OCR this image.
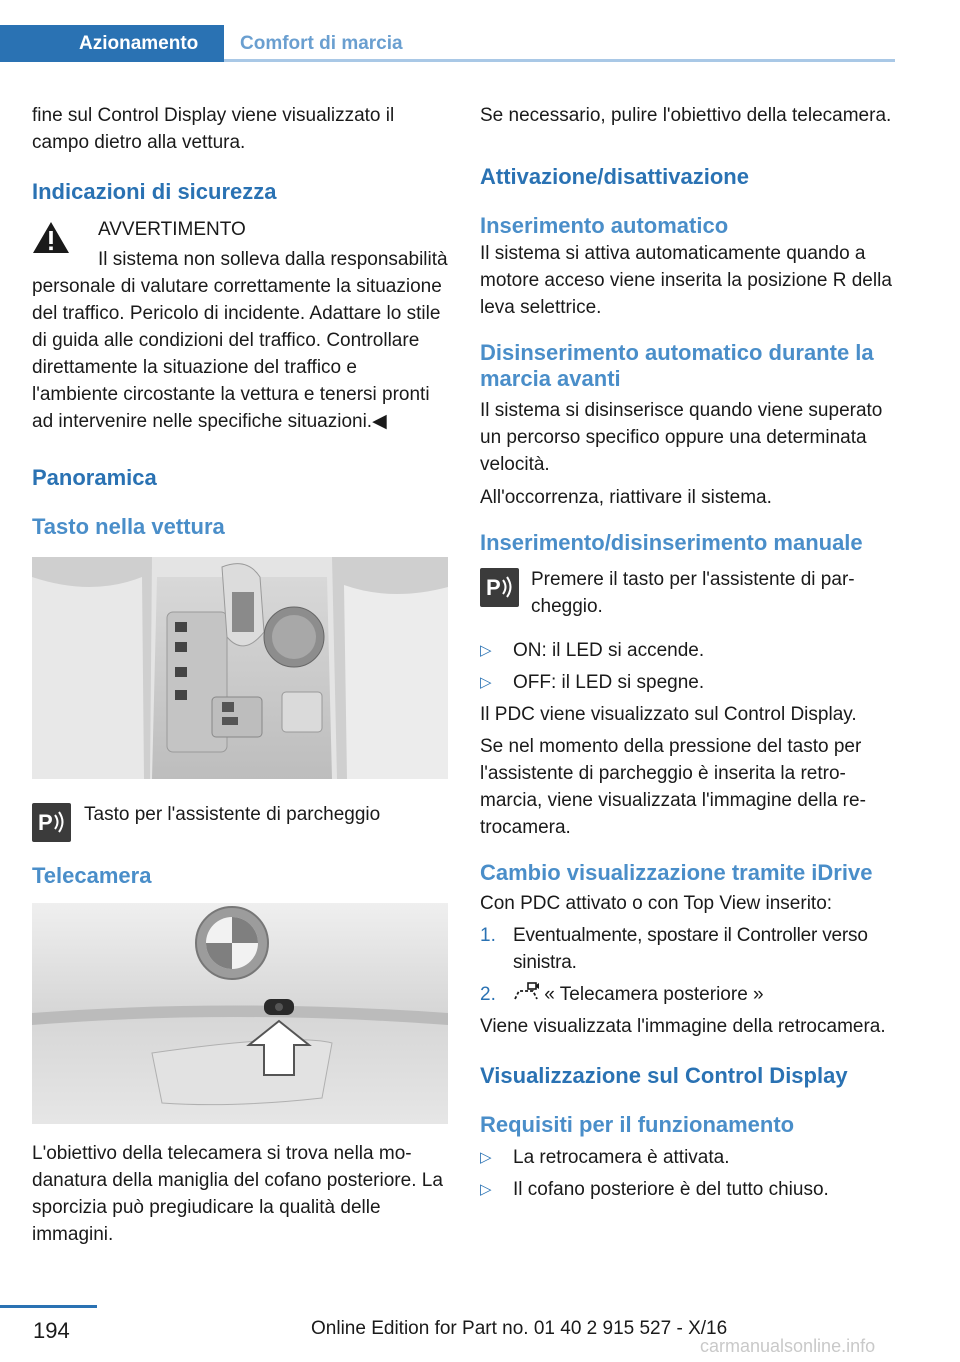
Azionamento Comfort di marcia

fine sul Control Display viene visualizzato il campo dietro alla vettura.

Indicazioni di sicurezza

AVVERTIMENTO

Il sistema non solleva dalla responsabilità

personale di valutare correttamente la situazione del traffico. Pericolo di incidente. Adattare lo stile di guida alle condizioni del traffico. Controllare direttamente la situazione del traffico e l'ambiente circostante la vettura e tenersi pronti ad intervenire nelle specifiche situazioni.◀

Panoramica
Tasto nella vettura
P Tasto per l'assistente di parcheggio

Telecamera

L'obiettivo della telecamera si trova nella modanatura della maniglia del cofano posteriore. La sporcizia può pregiudicare la qualità delle immagini.

Se necessario, pulire l'obiettivo della telecamera.

Attivazione/disattivazione
Inserimento automatico

Il sistema si attiva automaticamente quando a motore acceso viene inserita la posizione R della leva selettrice.

Disinserimento automatico durante la marcia avanti

Il sistema si disinserisce quando viene superato un percorso specifico oppure una determinata velocità.

All'occorrenza, riattivare il sistema.

Inserimento/disinserimento manuale
P Premere il tasto per l'assistente di parcheggio.

▷ ON: il LED si accende.
▷ OFF: il LED si spegne.

Il PDC viene visualizzato sul Control Display.

Se nel momento della pressione del tasto per l'assistente di parcheggio è inserita la retromarcia, viene visualizzata l'immagine della retrocamera.

Cambio visualizzazione tramite iDrive

Con PDC attivato o con Top View inserito:

1. Eventualmente, spostare il Controller verso sinistra.
2. « Telecamera posteriore »

Viene visualizzata l'immagine della retrocamera.

Visualizzazione sul Control Display
Requisiti per il funzionamento
▷ La retrocamera è attivata.
▷ Il cofano posteriore è del tutto chiuso.
194	Online Edition for Part no. 01 40 2 915 527 - X/16
carmanualsonline.info
